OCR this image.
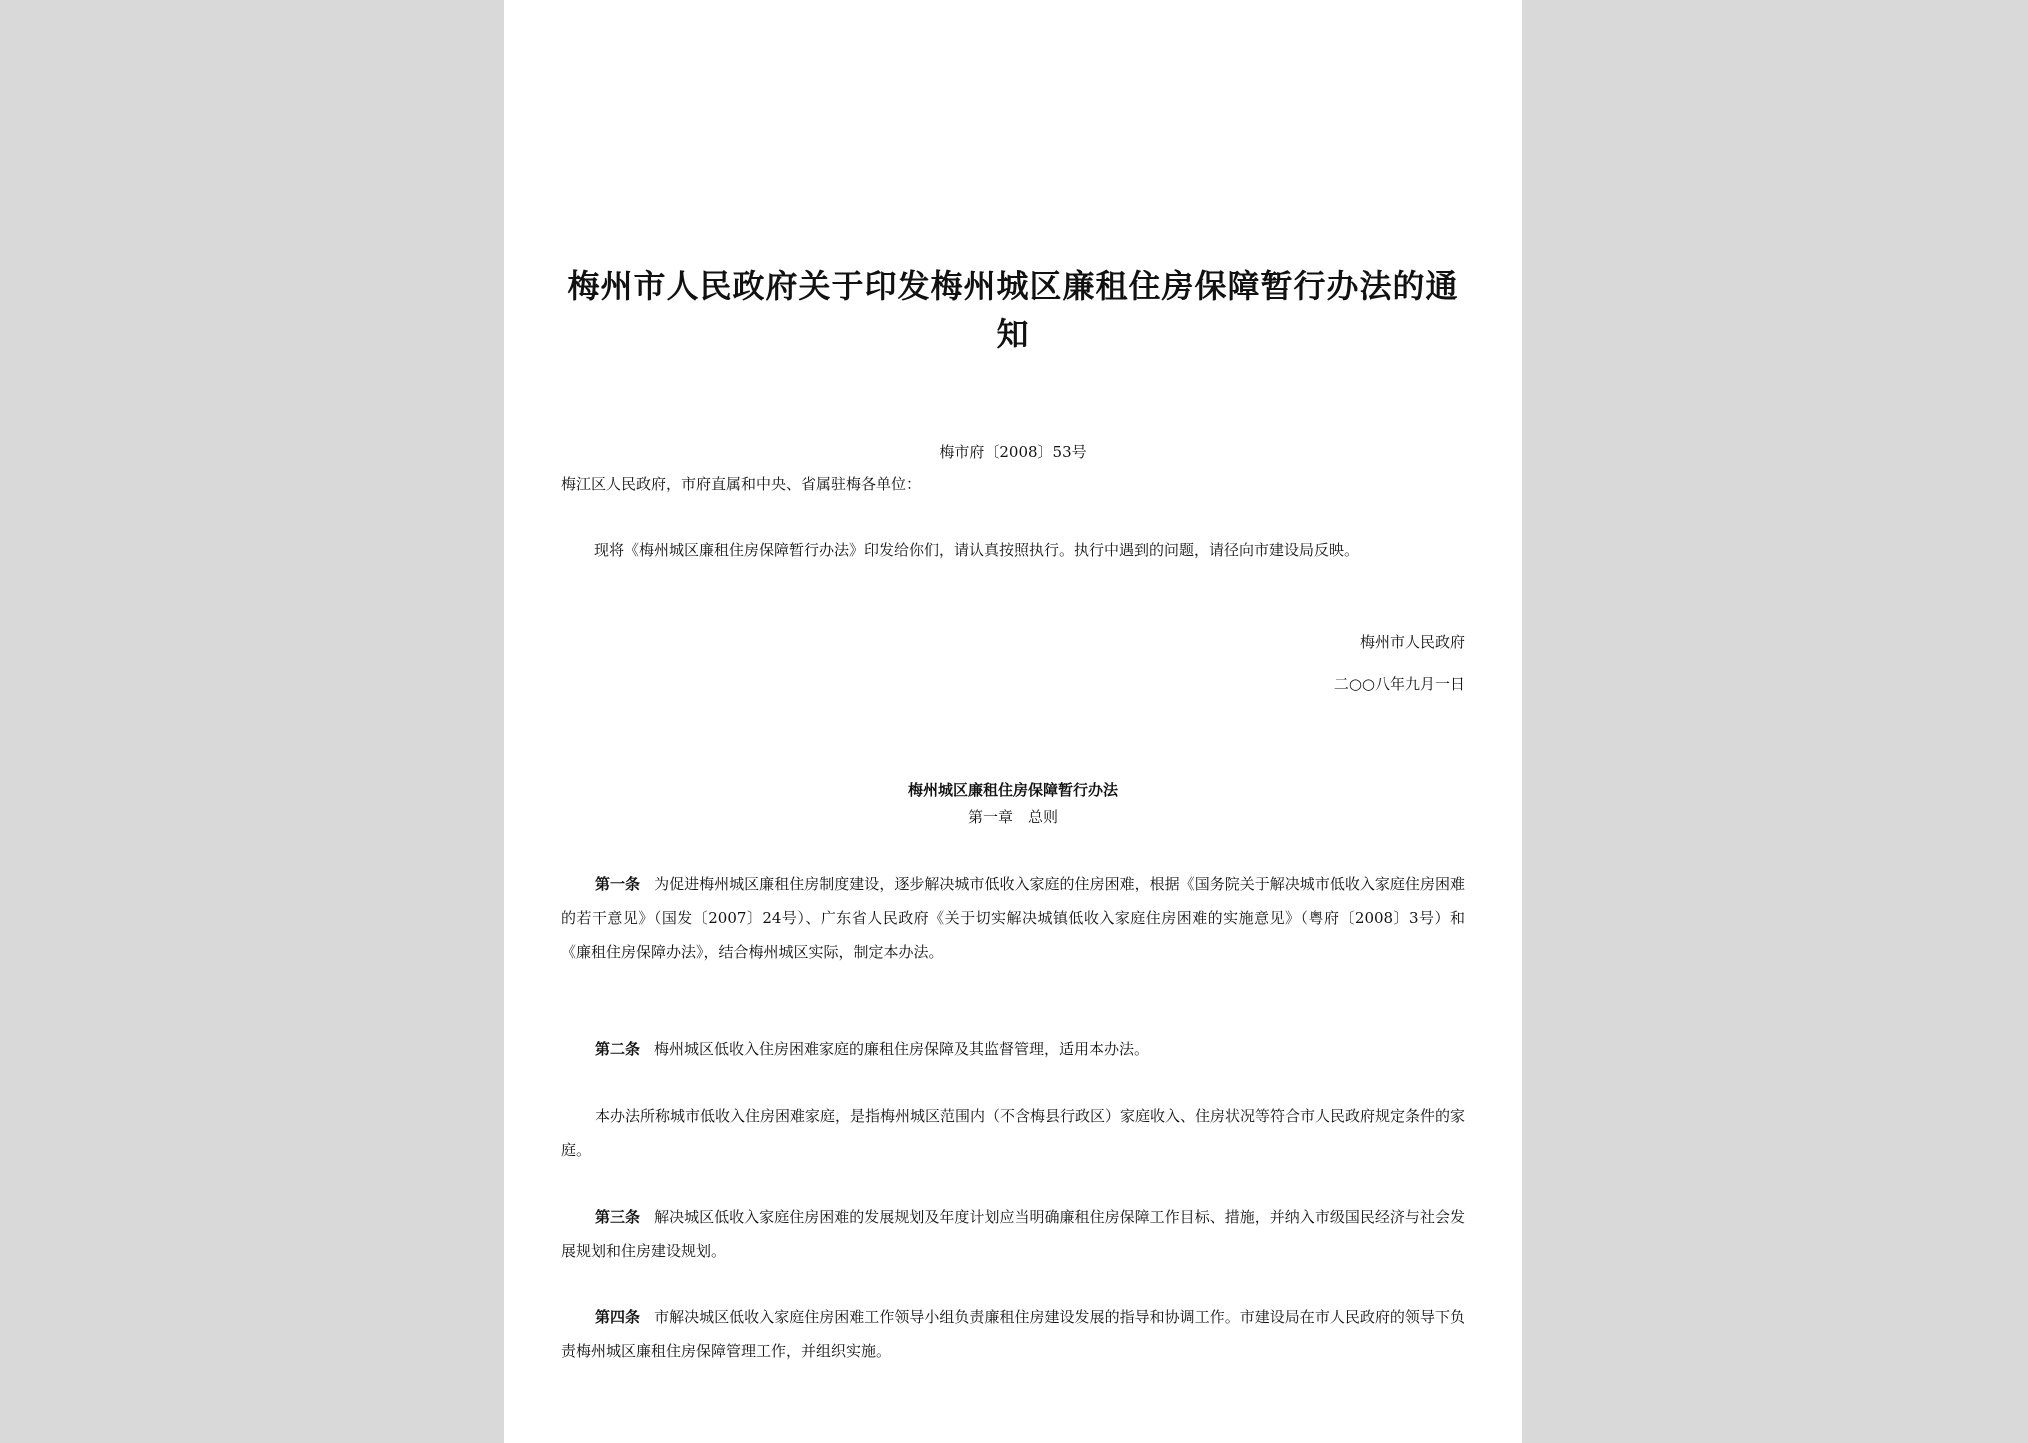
梅州市人民政府关于印发梅州城区廉租住房保障暂行办法的通知
梅市府〔2008〕53号
梅江区人民政府，市府直属和中央、省属驻梅各单位：
现将《梅州城区廉租住房保障暂行办法》印发给你们，请认真按照执行。执行中遇到的问题，请径向市建设局反映。
梅州市人民政府
二○○八年九月一日
梅州城区廉租住房保障暂行办法
第一章　总则

第一条 为促进梅州城区廉租住房制度建设，逐步解决城市低收入家庭的住房困难，根据《国务院关于解决城市低收入家庭住房困难的若干意见》（国发〔2007〕24号）、广东省人民政府《关于切实解决城镇低收入家庭住房困难的实施意见》（粤府〔2008〕3号）和《廉租住房保障办法》，结合梅州城区实际，制定本办法。

第二条 梅州城区低收入住房困难家庭的廉租住房保障及其监督管理，适用本办法。

本办法所称城市低收入住房困难家庭，是指梅州城区范围内（不含梅县行政区）家庭收入、住房状况等符合市人民政府规定条件的家庭。

第三条 解决城区低收入家庭住房困难的发展规划及年度计划应当明确廉租住房保障工作目标、措施，并纳入市级国民经济与社会发展规划和住房建设规划。

第四条 市解决城区低收入家庭住房困难工作领导小组负责廉租住房建设发展的指导和协调工作。市建设局在市人民政府的领导下负责梅州城区廉租住房保障管理工作，并组织实施。
